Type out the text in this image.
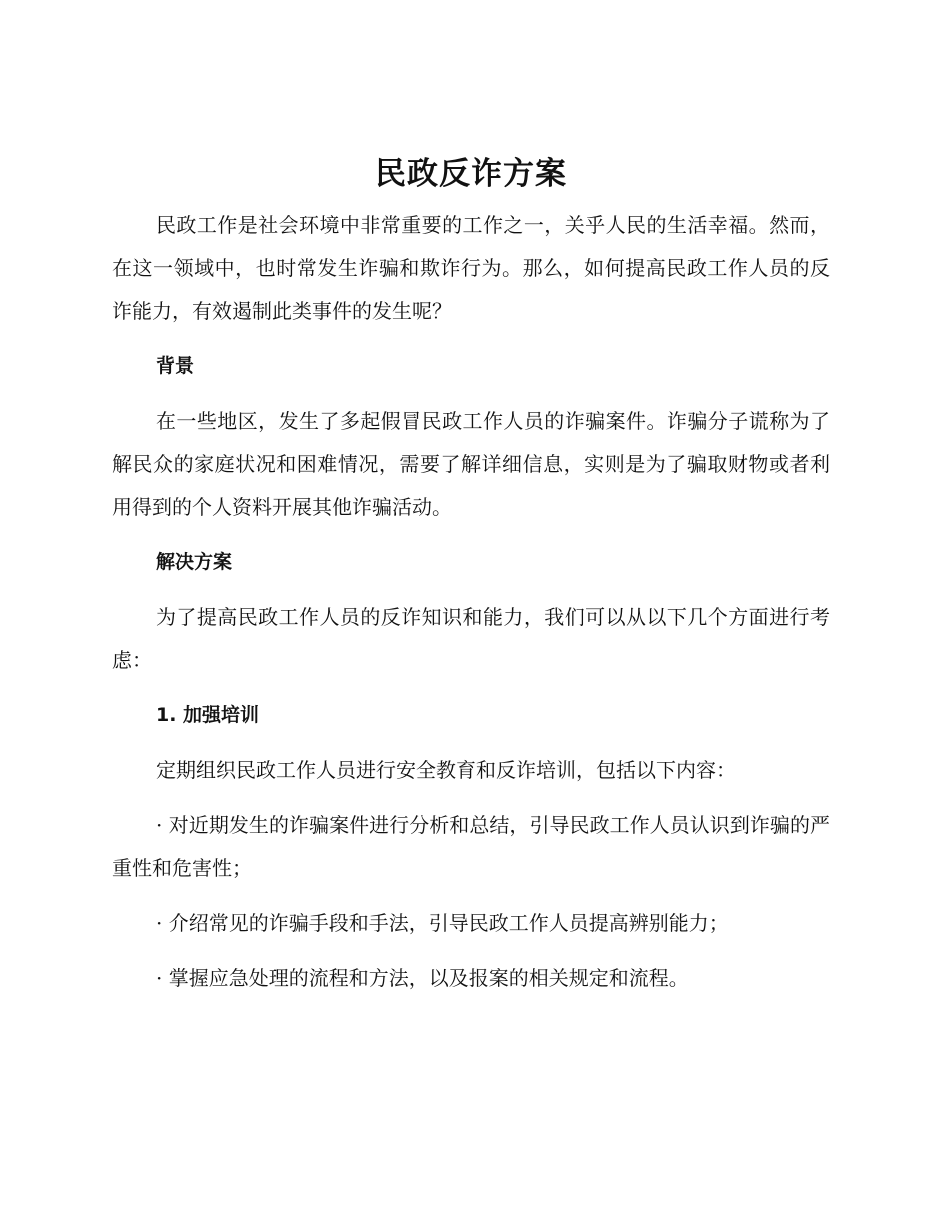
民政反诈方案

民政工作是社会环境中非常重要的工作之一，关乎人民的生活幸福。然而，在这一领域中，也时常发生诈骗和欺诈行为。那么，如何提高民政工作人员的反诈能力，有效遏制此类事件的发生呢？

背景

在一些地区，发生了多起假冒民政工作人员的诈骗案件。诈骗分子谎称为了解民众的家庭状况和困难情况，需要了解详细信息，实则是为了骗取财物或者利用得到的个人资料开展其他诈骗活动。

解决方案

为了提高民政工作人员的反诈知识和能力，我们可以从以下几个方面进行考虑：

1. 加强培训

定期组织民政工作人员进行安全教育和反诈培训，包括以下内容：

· 对近期发生的诈骗案件进行分析和总结，引导民政工作人员认识到诈骗的严重性和危害性；

· 介绍常见的诈骗手段和手法，引导民政工作人员提高辨别能力；

· 掌握应急处理的流程和方法，以及报案的相关规定和流程。
